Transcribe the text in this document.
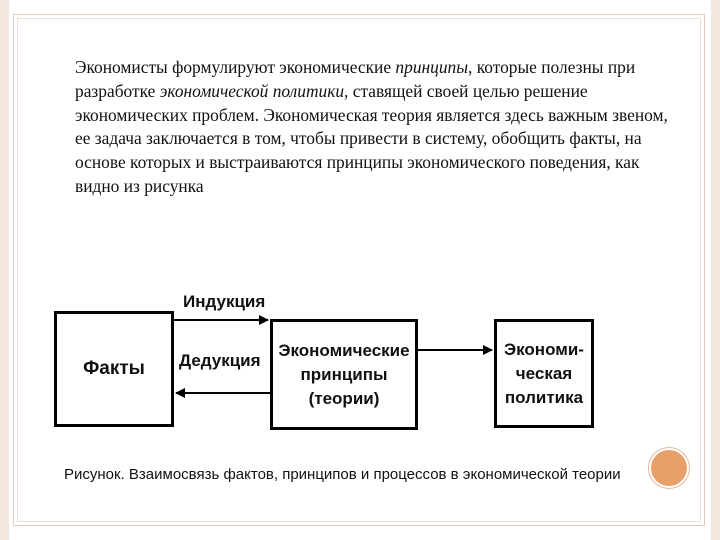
Экономисты формулируют экономические принципы, которые полезны при разработке экономической политики, ставящей своей целью решение экономических проблем. Экономическая теория является здесь важным звеном, ее задача заключается в том, чтобы привести в систему, обобщить факты, на основе которых и выстраиваются принципы экономического поведения, как видно из рисунка

Факты
Экономические
принципы
(теории)
Экономи-
ческая
политика
Индукция
Дедукция

Рисунок. Взаимосвязь фактов, принципов и процессов в экономической теории
